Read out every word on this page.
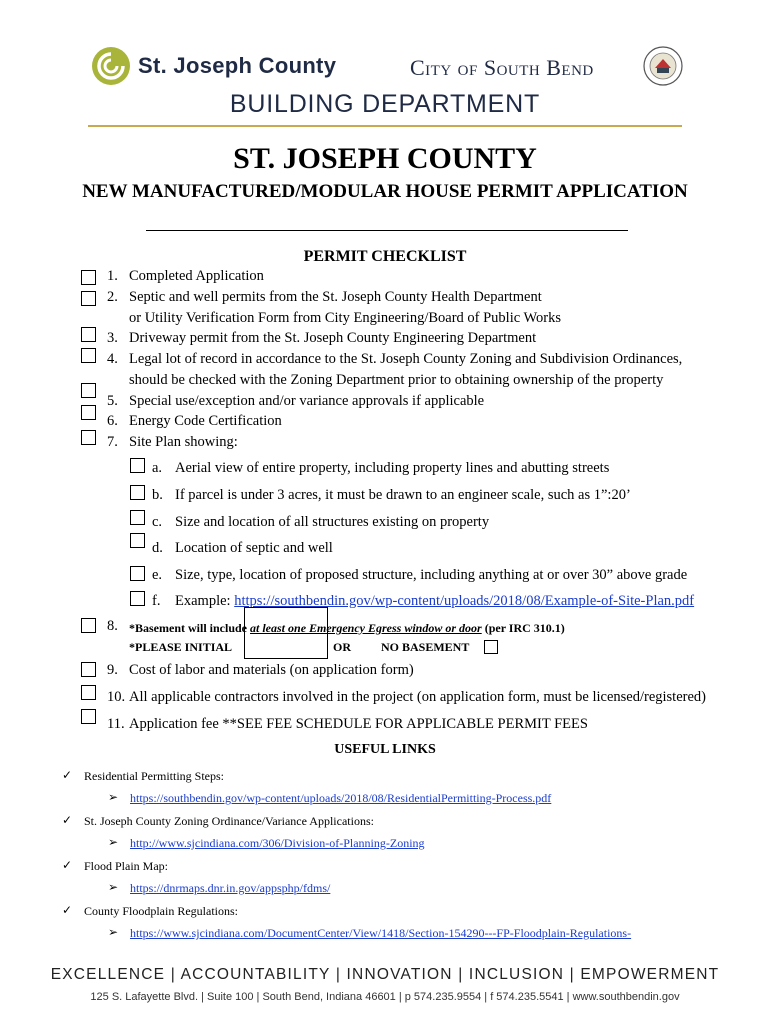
St. Joseph County	City of South Bend
BUILDING DEPARTMENT
ST. JOSEPH COUNTY
NEW MANUFACTURED/MODULAR HOUSE PERMIT APPLICATION
PERMIT CHECKLIST
1. Completed Application
2. Septic and well permits from the St. Joseph County Health Department
or Utility Verification Form from City Engineering/Board of Public Works
3. Driveway permit from the St. Joseph County Engineering Department
4. Legal lot of record in accordance to the St. Joseph County Zoning and Subdivision Ordinances,
should be checked with the Zoning Department prior to obtaining ownership of the property
5. Special use/exception and/or variance approvals if applicable
6. Energy Code Certification
7. Site Plan showing:
a. Aerial view of entire property, including property lines and abutting streets
b. If parcel is under 3 acres, it must be drawn to an engineer scale, such as 1”:20’
c. Size and location of all structures existing on property
d. Location of septic and well
e. Size, type, location of proposed structure, including anything at or over 30” above grade
f. Example: https://southbendin.gov/wp-content/uploads/2018/08/Example-of-Site-Plan.pdf
8. *Basement will include at least one Emergency Egress window or door (per IRC 310.1)
*PLEASE INITIAL	OR	NO BASEMENT
9. Cost of labor and materials (on application form)
10. All applicable contractors involved in the project (on application form, must be licensed/registered)
11. Application fee **SEE FEE SCHEDULE FOR APPLICABLE PERMIT FEES
USEFUL LINKS
✓ Residential Permitting Steps:
➢ https://southbendin.gov/wp-content/uploads/2018/08/ResidentialPermitting-Process.pdf
✓ St. Joseph County Zoning Ordinance/Variance Applications:
➢ http://www.sjcindiana.com/306/Division-of-Planning-Zoning
✓ Flood Plain Map:
➢ https://dnrmaps.dnr.in.gov/appsphp/fdms/
✓ County Floodplain Regulations:
➢ https://www.sjcindiana.com/DocumentCenter/View/1418/Section-154290---FP-Floodplain-Regulations-
EXCELLENCE | ACCOUNTABILITY | INNOVATION | INCLUSION | EMPOWERMENT
125 S. Lafayette Blvd. | Suite 100 | South Bend, Indiana 46601 | p 574.235.9554 | f 574.235.5541 | www.southbendin.gov
